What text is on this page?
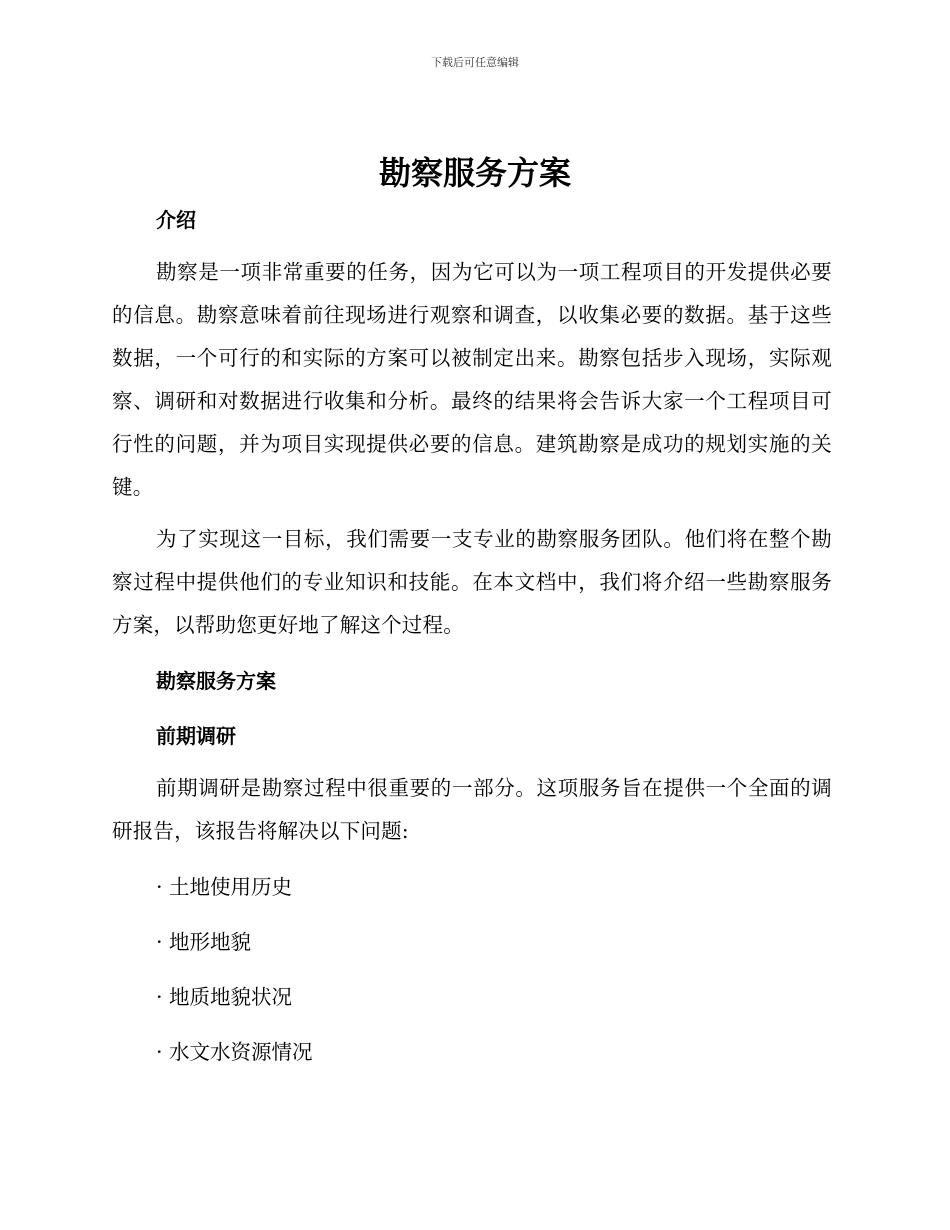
下载后可任意编辑
勘察服务方案
介绍

勘察是一项非常重要的任务，因为它可以为一项工程项目的开发提供必要的信息。勘察意味着前往现场进行观察和调查，以收集必要的数据。基于这些数据，一个可行的和实际的方案可以被制定出来。勘察包括步入现场，实际观察、调研和对数据进行收集和分析。最终的结果将会告诉大家一个工程项目可行性的问题，并为项目实现提供必要的信息。建筑勘察是成功的规划实施的关键。

为了实现这一目标，我们需要一支专业的勘察服务团队。他们将在整个勘察过程中提供他们的专业知识和技能。在本文档中，我们将介绍一些勘察服务方案，以帮助您更好地了解这个过程。

勘察服务方案
前期调研

前期调研是勘察过程中很重要的一部分。这项服务旨在提供一个全面的调研报告，该报告将解决以下问题:

· 土地使用历史
· 地形地貌
· 地质地貌状况
· 水文水资源情况
